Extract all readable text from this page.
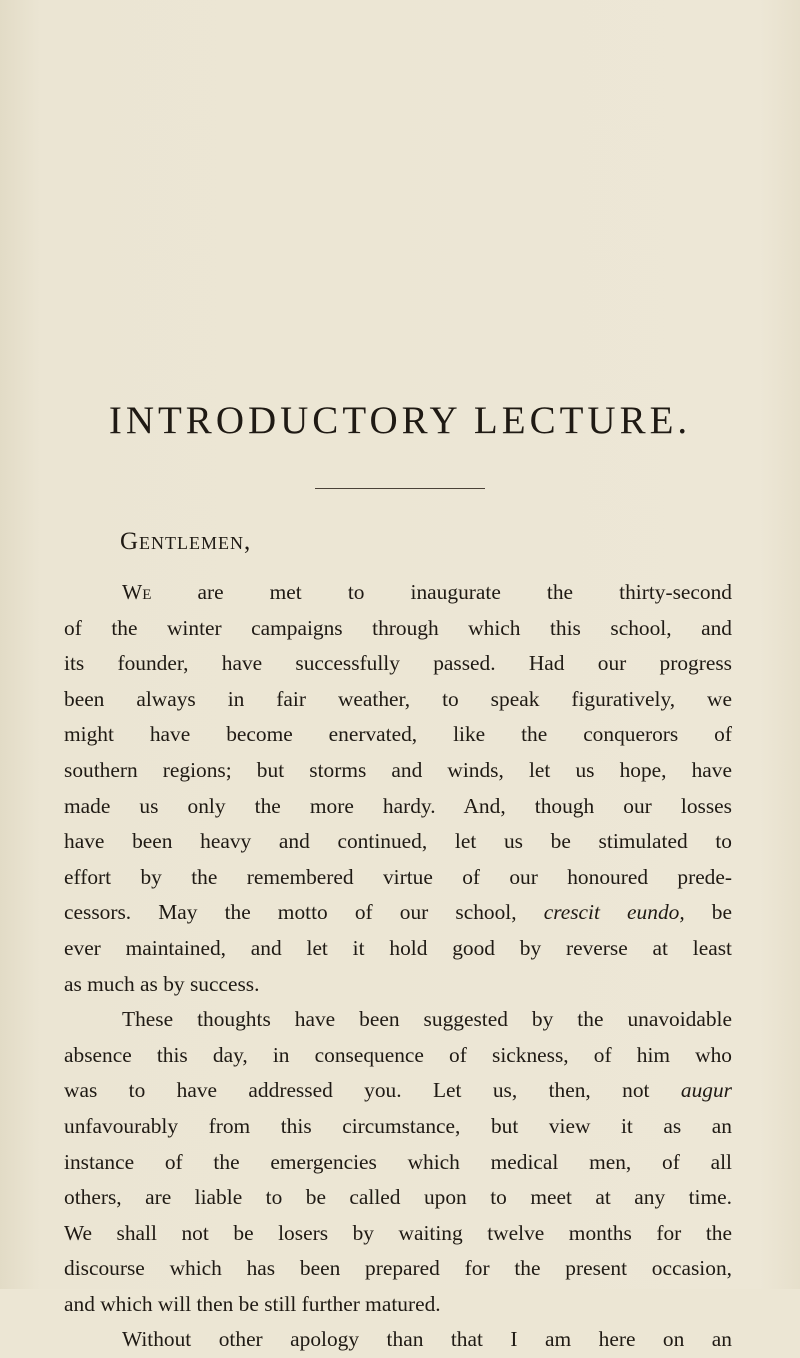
INTRODUCTORY LECTURE.

Gentlemen,

We are met to inaugurate the thirty-second
of the winter campaigns through which this school, and
its founder, have successfully passed. Had our progress
been always in fair weather, to speak figuratively, we
might have become enervated, like the conquerors of
southern regions; but storms and winds, let us hope, have
made us only the more hardy. And, though our losses
have been heavy and continued, let us be stimulated to
effort by the remembered virtue of our honoured prede-
cessors. May the motto of our school, crescit eundo, be
ever maintained, and let it hold good by reverse at least
as much as by success.
These thoughts have been suggested by the unavoidable
absence this day, in consequence of sickness, of him who
was to have addressed you. Let us, then, not augur
unfavourably from this circumstance, but view it as an
instance of the emergencies which medical men, of all
others, are liable to be called upon to meet at any time.
We shall not be losers by waiting twelve months for the
discourse which has been prepared for the present occasion,
and which will then be still further matured.
Without other apology than that I am here on an
